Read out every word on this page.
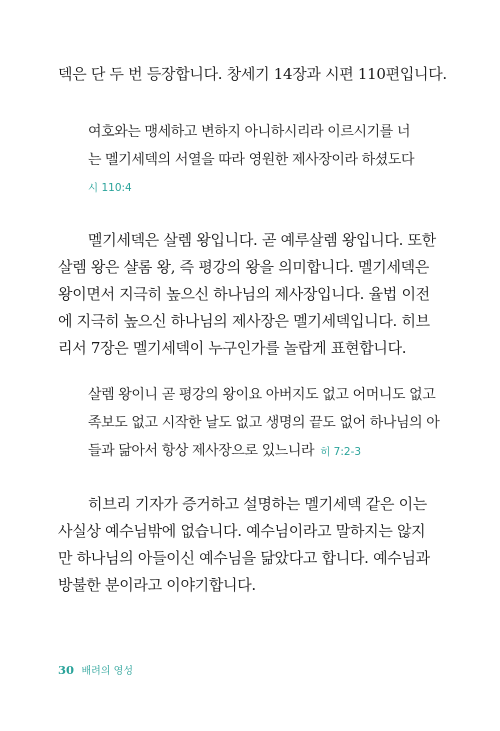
덱은 단 두 번 등장합니다. 창세기 14장과 시편 110편입니다.
여호와는 맹세하고 변하지 아니하시리라 이르시기를 너
는 멜기세덱의 서열을 따라 영원한 제사장이라 하셨도다
시 110:4
멜기세덱은 살렘 왕입니다. 곧 예루살렘 왕입니다. 또한
살렘 왕은 샬롬 왕, 즉 평강의 왕을 의미합니다. 멜기세덱은
왕이면서 지극히 높으신 하나님의 제사장입니다. 율법 이전
에 지극히 높으신 하나님의 제사장은 멜기세덱입니다. 히브
리서 7장은 멜기세덱이 누구인가를 놀랍게 표현합니다.
살렘 왕이니 곧 평강의 왕이요 아버지도 없고 어머니도 없고
족보도 없고 시작한 날도 없고 생명의 끝도 없어 하나님의 아
들과 닮아서 항상 제사장으로 있느니라 히 7:2-3
히브리 기자가 증거하고 설명하는 멜기세덱 같은 이는
사실상 예수님밖에 없습니다. 예수님이라고 말하지는 않지
만 하나님의 아들이신 예수님을 닮았다고 합니다. 예수님과
방불한 분이라고 이야기합니다.
30 배려의 영성
